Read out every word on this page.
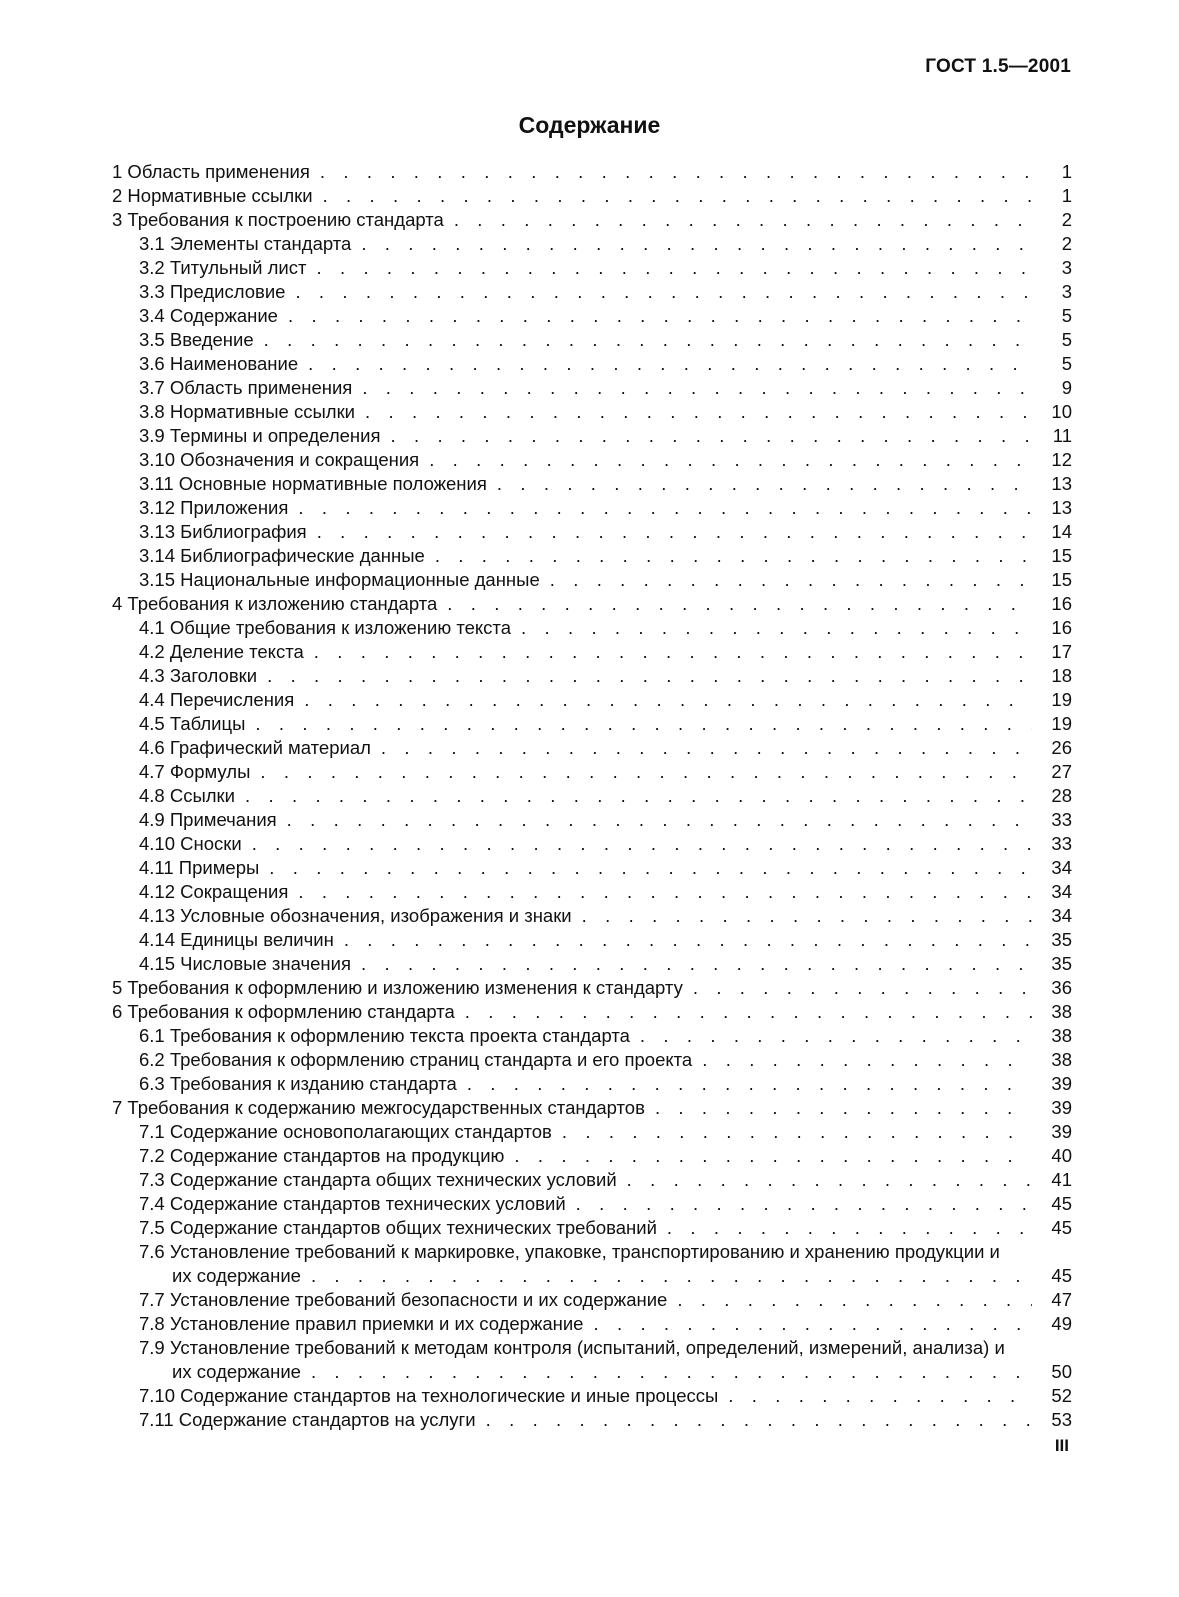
ГОСТ 1.5—2001
Содержание
1 Область применения . . .	1
2 Нормативные ссылки . . .	1
3 Требования к построению стандарта . . .	2
3.1 Элементы стандарта . . .	2
3.2 Титульный лист . . .	3
3.3 Предисловие . . .	3
3.4 Содержание . . .	5
3.5 Введение . . .	5
3.6 Наименование . . .	5
3.7 Область применения . . .	9
3.8 Нормативные ссылки . . .	10
3.9 Термины и определения . . .	11
3.10 Обозначения и сокращения . . .	12
3.11 Основные нормативные положения . . .	13
3.12 Приложения . . .	13
3.13 Библиография . . .	14
3.14 Библиографические данные . . .	15
3.15 Национальные информационные данные . . .	15
4 Требования к изложению стандарта . . .	16
4.1 Общие требования к изложению текста . . .	16
4.2 Деление текста . . .	17
4.3 Заголовки . . .	18
4.4 Перечисления . . .	19
4.5 Таблицы . . .	19
4.6 Графический материал . . .	26
4.7 Формулы . . .	27
4.8 Ссылки . . .	28
4.9 Примечания . . .	33
4.10 Сноски . . .	33
4.11 Примеры . . .	34
4.12 Сокращения . . .	34
4.13 Условные обозначения, изображения и знаки . . .	34
4.14 Единицы величин . . .	35
4.15 Числовые значения . . .	35
5 Требования к оформлению и изложению изменения к стандарту . . .	36
6 Требования к оформлению стандарта . . .	38
6.1 Требования к оформлению текста проекта стандарта . . .	38
6.2 Требования к оформлению страниц стандарта и его проекта . . .	38
6.3 Требования к изданию стандарта . . .	39
7 Требования к содержанию межгосударственных стандартов . . .	39
7.1 Содержание основополагающих стандартов . . .	39
7.2 Содержание стандартов на продукцию . . .	40
7.3 Содержание стандарта общих технических условий . . .	41
7.4 Содержание стандартов технических условий . . .	45
7.5 Содержание стандартов общих технических требований . . .	45
7.6 Установление требований к маркировке, упаковке, транспортированию и хранению продукции и
их содержание . . .	45
7.7 Установление требований безопасности и их содержание . . .	47
7.8 Установление правил приемки и их содержание . . .	49
7.9 Установление требований к методам контроля (испытаний, определений, измерений, анализа) и
их содержание . . .	50
7.10 Содержание стандартов на технологические и иные процессы . . .	52
7.11 Содержание стандартов на услуги . . .	53
III
